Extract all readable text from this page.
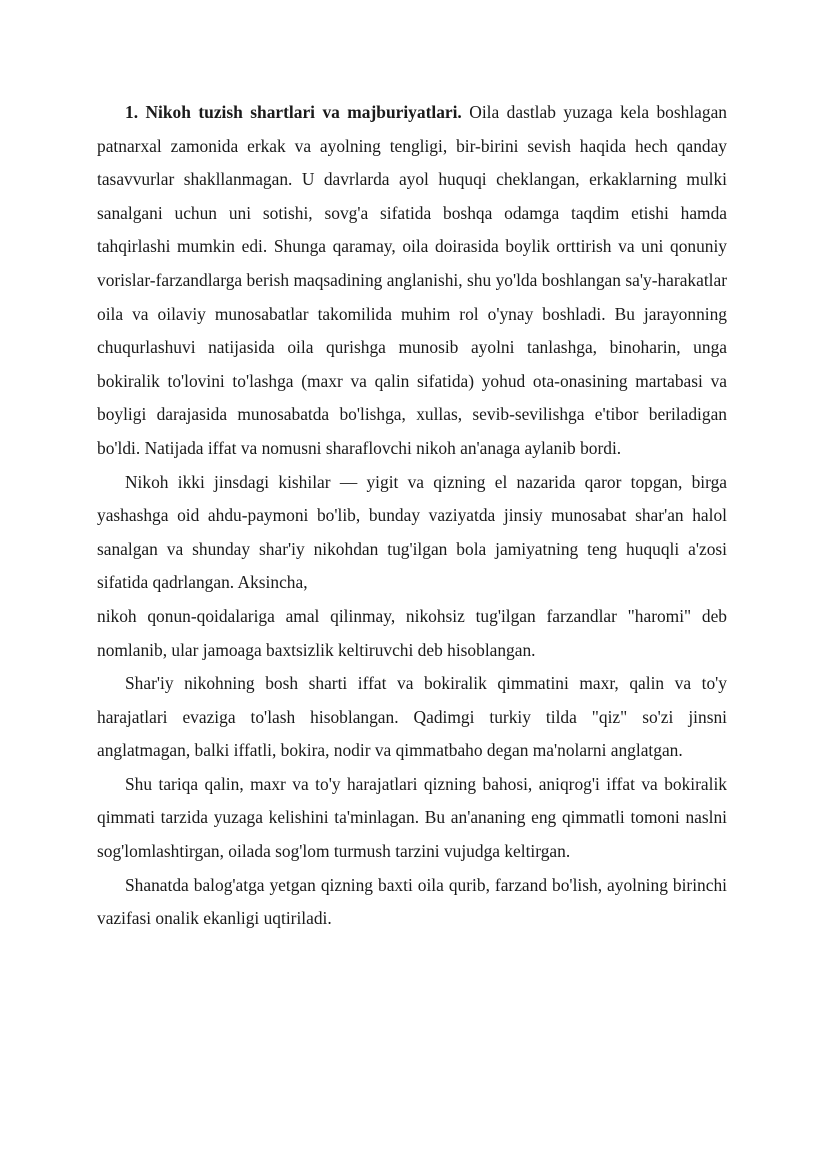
1. Nikoh tuzish shartlari va majburiyatlari. Oila dastlab yuzaga kela boshlagan patnarxal zamonida erkak va ayolning tengligi, bir-birini sevish haqida hech qanday tasavvurlar shakllanmagan. U davrlarda ayol huquqi cheklangan, erkaklarning mulki sanalgani uchun uni sotishi, sovg'a sifatida boshqa odamga taqdim etishi hamda tahqirlashi mumkin edi. Shunga qaramay, oila doirasida boylik orttirish va uni qonuniy vorislar-farzandlarga berish maqsadining anglanishi, shu yo'lda boshlangan sa'y-harakatlar oila va oilaviy munosabatlar takomilida muhim rol o'ynay boshladi. Bu jarayonning chuqurlashuvi natijasida oila qurishga munosib ayolni tanlashga, binoharin, unga bokiralik to'lovini to'lashga (maxr va qalin sifatida) yohud ota-onasining martabasi va boyligi darajasida munosabatda bo'lishga, xullas, sevib-sevilishga e'tibor beriladigan bo'ldi. Natijada iffat va nomusni sharaflovchi nikoh an'anaga aylanib bordi.

Nikoh ikki jinsdagi kishilar — yigit va qizning el nazarida qaror topgan, birga yashashga oid ahdu-paymoni bo'lib, bunday vaziyatda jinsiy munosabat shar'an halol sanalgan va shunday shar'iy nikohdan tug'ilgan bola jamiyatning teng huquqli a'zosi sifatida qadrlangan. Aksincha,

nikoh qonun-qoidalariga amal qilinmay, nikohsiz tug'ilgan farzandlar "haromi" deb nomlanib, ular jamoaga baxtsizlik keltiruvchi deb hisoblangan.

Shar'iy nikohning bosh sharti iffat va bokiralik qimmatini maxr, qalin va to'y harajatlari evaziga to'lash hisoblangan. Qadimgi turkiy tilda "qiz" so'zi jinsni anglatmagan, balki iffatli, bokira, nodir va qimmatbaho degan ma'nolarni anglatgan.

Shu tariqa qalin, maxr va to'y harajatlari qizning bahosi, aniqrog'i iffat va bokiralik qimmati tarzida yuzaga kelishini ta'minlagan. Bu an'ananing eng qimmatli tomoni naslni sog'lomlashtirgan, oilada sog'lom turmush tarzini vujudga keltirgan.

Shanatda balog'atga yetgan qizning baxti oila qurib, farzand bo'lish, ayolning birinchi vazifasi onalik ekanligi uqtiriladi.
